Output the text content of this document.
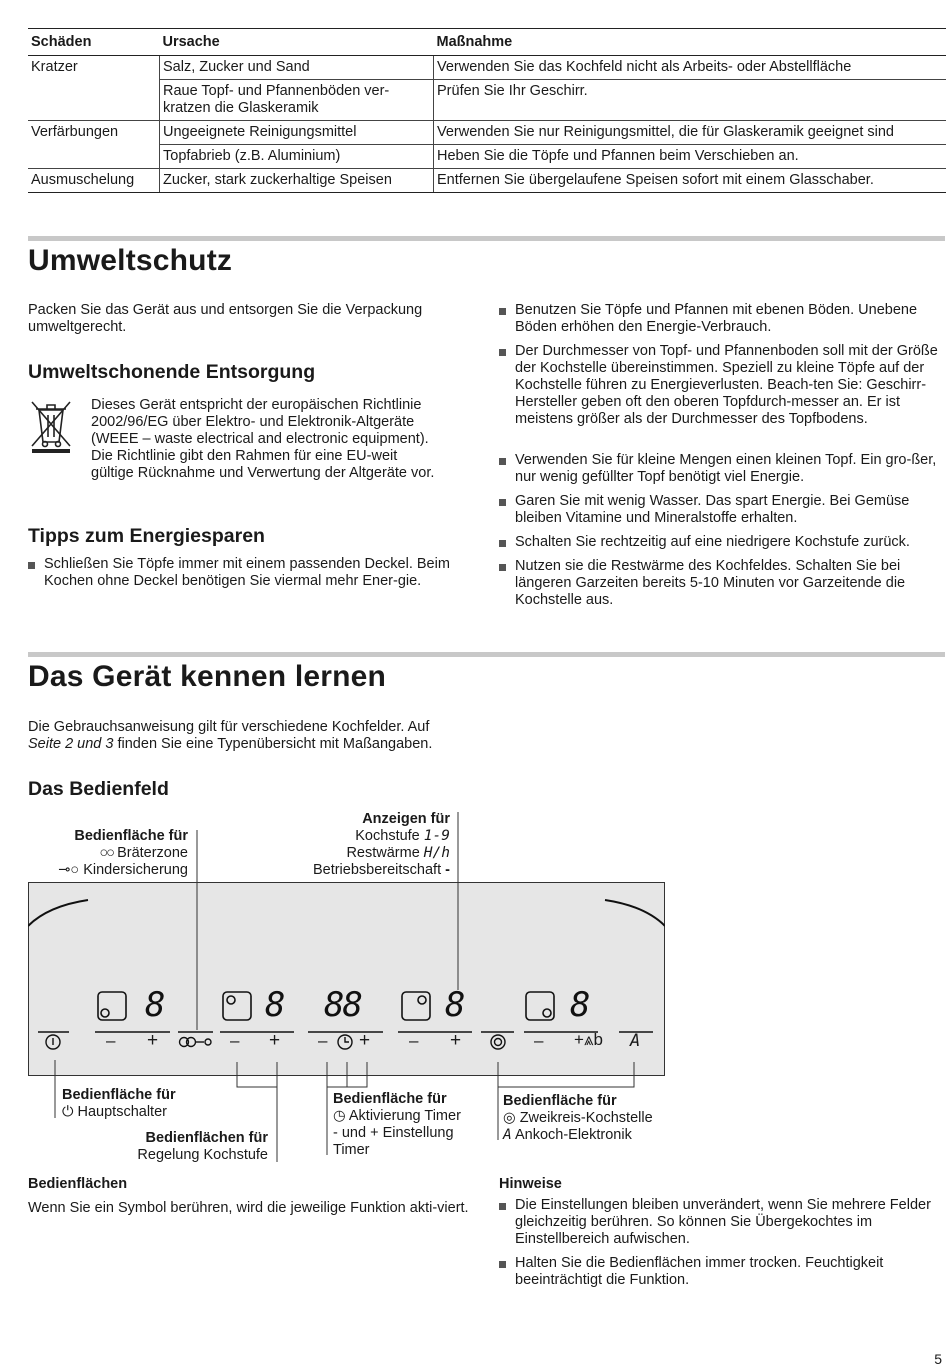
Schäden	Ursache	Maßnahme
Kratzer	Salz, Zucker und Sand	Verwenden Sie das Kochfeld nicht als Arbeits- oder Abstellfläche
	Raue Topf- und Pfannenböden ver-
kratzen die Glaskeramik	Prüfen Sie Ihr Geschirr.
Verfärbungen	Ungeeignete Reinigungsmittel	Verwenden Sie nur Reinigungsmittel, die für Glaskeramik geeignet sind
	Topfabrieb (z.B. Aluminium)	Heben Sie die Töpfe und Pfannen beim Verschieben an.
Ausmuschelung	Zucker, stark zuckerhaltige Speisen	Entfernen Sie übergelaufene Speisen sofort mit einem Glasschaber.
Umweltschutz
Packen Sie das Gerät aus und entsorgen Sie die Verpackung umweltgerecht.
Umweltschonende Entsorgung
Dieses Gerät entspricht der europäischen Richtlinie 2002/96/EG über Elektro- und Elektronik-Altgeräte (WEEE – waste electrical and electronic equipment). Die Richtlinie gibt den Rahmen für eine EU-weit gültige Rücknahme und Verwertung der Altgeräte vor.
Tipps zum Energiesparen
Schließen Sie Töpfe immer mit einem passenden Deckel. Beim Kochen ohne Deckel benötigen Sie viermal mehr Ener-gie.
Benutzen Sie Töpfe und Pfannen mit ebenen Böden. Unebene Böden erhöhen den Energie-Verbrauch.
Der Durchmesser von Topf- und Pfannenboden soll mit der Größe der Kochstelle übereinstimmen. Speziell zu kleine Töpfe auf der Kochstelle führen zu Energieverlusten. Beach-ten Sie: Geschirr-Hersteller geben oft den oberen Topfdurch-messer an. Er ist meistens größer als der Durchmesser des Topfbodens.
Verwenden Sie für kleine Mengen einen kleinen Topf. Ein gro-ßer, nur wenig gefüllter Topf benötigt viel Energie.
Garen Sie mit wenig Wasser. Das spart Energie. Bei Gemüse bleiben Vitamine und Mineralstoffe erhalten.
Schalten Sie rechtzeitig auf eine niedrigere Kochstufe zurück.
Nutzen sie die Restwärme des Kochfeldes. Schalten Sie bei längeren Garzeiten bereits 5-10 Minuten vor Garzeitende die Kochstelle aus.
Das Gerät kennen lernen
Die Gebrauchsanweisung gilt für verschiedene Kochfelder. Auf
Seite 2 und 3 finden Sie eine Typenübersicht mit Maßangaben.
Das Bedienfeld
Bedienfläche für
○○ Bräterzone
⊸○ Kindersicherung
Anzeigen für
Kochstufe 1-9
Restwärme H/h
Betriebsbereitschaft -
8	8 88 8	8
– +	– + – + – +	– +⩓b A
Bedienfläche für
⏻ Hauptschalter
Bedienflächen für
Regelung Kochstufe
Bedienfläche für
◷ Aktivierung Timer
- und + Einstellung
Timer
Bedienfläche für
◎ Zweikreis-Kochstelle
A Ankoch-Elektronik
Bedienflächen
Wenn Sie ein Symbol berühren, wird die jeweilige Funktion akti-viert.
Hinweise
Die Einstellungen bleiben unverändert, wenn Sie mehrere Felder gleichzeitig berühren. So können Sie Übergekochtes im Einstellbereich aufwischen.
Halten Sie die Bedienflächen immer trocken. Feuchtigkeit beeinträchtigt die Funktion.
5
